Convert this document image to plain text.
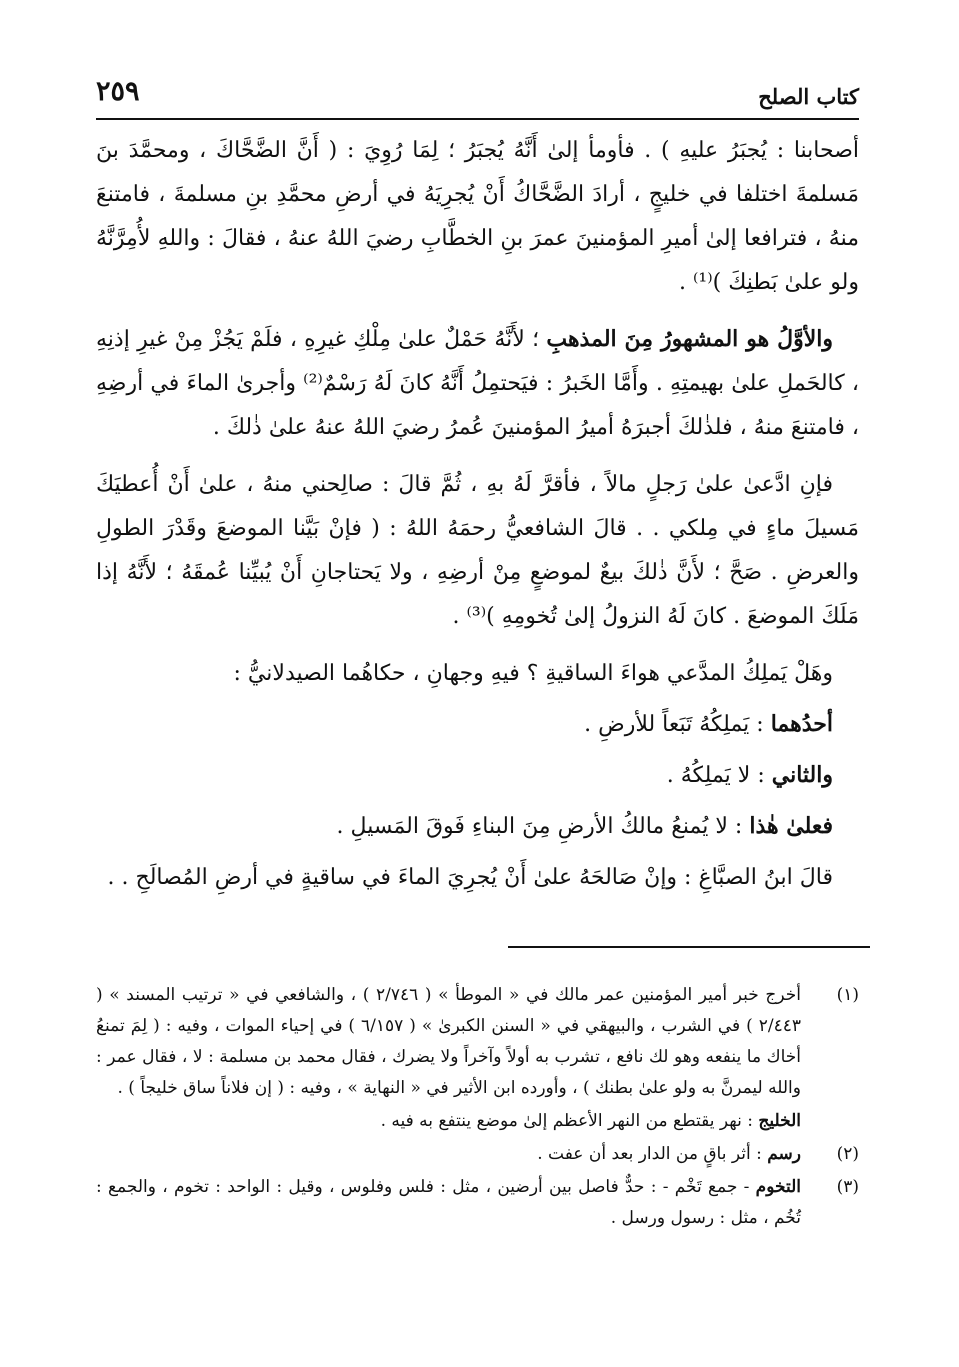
كتاب الصلح
٢٥٩

أصحابنا : يُجبَرُ عليهِ ) . فأومأ إلىٰ أَنَّهُ يُجبَرُ ؛ لِمَا رُوِيَ : ( أَنَّ الضَّحَّاكَ ، ومحمَّدَ بنَ مَسلمةَ اختلفا في خليجٍ ، أرادَ الضَّحَّاكُ أَنْ يُجرِيَهُ في أرضِ محمَّدِ بنِ مسلمةَ ، فامتنعَ منهُ ، فترافعا إلىٰ أميرِ المؤمنينَ عمرَ بنِ الخطَّابِ رضيَ اللهُ عنهُ ، فقالَ : واللهِ لأُمِرَّنَّهُ ولو علىٰ بَطنِكَ )⁽¹⁾ .

والأوَّلُ هو المشهورُ مِنَ المذهبِ ؛ لأَنَّهُ حَمْلٌ علىٰ مِلْكِ غيرِهِ ، فلَمْ يَجُزْ مِنْ غيرِ إذنِهِ ، كالحَملِ علىٰ بهيمتِهِ . وأَمَّا الخَبرُ : فيَحتمِلُ أَنَّهُ كانَ لَهُ رَسْمٌ⁽²⁾ وأجرىٰ الماءَ في أرضِهِ ، فامتنعَ منهُ ، فلذٰلكَ أجبرَهُ أميرُ المؤمنينَ عُمرُ رضيَ اللهُ عنهُ علىٰ ذٰلكَ .

فإنِ ادَّعىٰ علىٰ رَجلٍ مالاً ، فأقرَّ لَهُ بهِ ، ثُمَّ قالَ : صالِحني منهُ ، علىٰ أَنْ أُعطيَكَ مَسيلَ ماءٍ في مِلكي . . قالَ الشافعيُّ رحمَهُ اللهُ : ( فإنْ بَيَّنا الموضعَ وقَدْرَ الطولِ والعرضِ . صَحَّ ؛ لأَنَّ ذٰلكَ بيعٌ لموضعٍ مِنْ أرضِهِ ، ولا يَحتاجانِ أَنْ يُبيِّنا عُمقَهُ ؛ لأَنَّهُ إذا مَلَكَ الموضعَ . كانَ لَهُ النزولُ إلىٰ تُخومِهِ )⁽³⁾ .

وهَلْ يَملِكُ المدَّعي هواءَ الساقيةِ ؟ فيهِ وجهانِ ، حكاهُما الصيدلانيُّ :

أحدُهما : يَملِكُهُ تَبَعاً للأرضِ .

والثاني : لا يَملِكُهُ .

فعلىٰ هٰذا : لا يُمنعُ مالكُ الأرضِ مِنَ البناءِ فَوقَ المَسيلِ .

قالَ ابنُ الصبَّاغِ : وإنْ صَالحَهُ علىٰ أَنْ يُجرِيَ الماءَ في ساقيةٍ في أرضِ المُصالَحِ . .

(١)
أخرج خبر أمير المؤمنين عمر مالك في « الموطأ » ( ٢/٧٤٦ ) ، والشافعي في « ترتيب المسند » ( ٢/٤٤٣ ) في الشرب ، والبيهقي في « السنن الكبرىٰ » ( ٦/١٥٧ ) في إحياء الموات ، وفيه : ( لِمَ تمنعُ أخاك ما ينفعه وهو لك نافع ، تشرب به أولاً وآخراً ولا يضرك ، فقال محمد بن مسلمة : لا ، فقال عمر : والله ليمرنَّ به ولو علىٰ بطنك ) ، وأورده ابن الأثير في « النهاية » ، وفيه : ( إن فلاناً ساق خليجاً ) .
الخليج : نهر يقتطع من النهر الأعظم إلىٰ موضع ينتفع به فيه .
(٢)
رسم : أثر باقٍ من الدار بعد أن عفت .
(٣)
التخوم - جمع تَخْم - : حدٌّ فاصل بين أرضين ، مثل : فلس وفلوس ، وقيل : الواحد : تخوم ، والجمع : تُخُم ، مثل : رسول ورسل .
